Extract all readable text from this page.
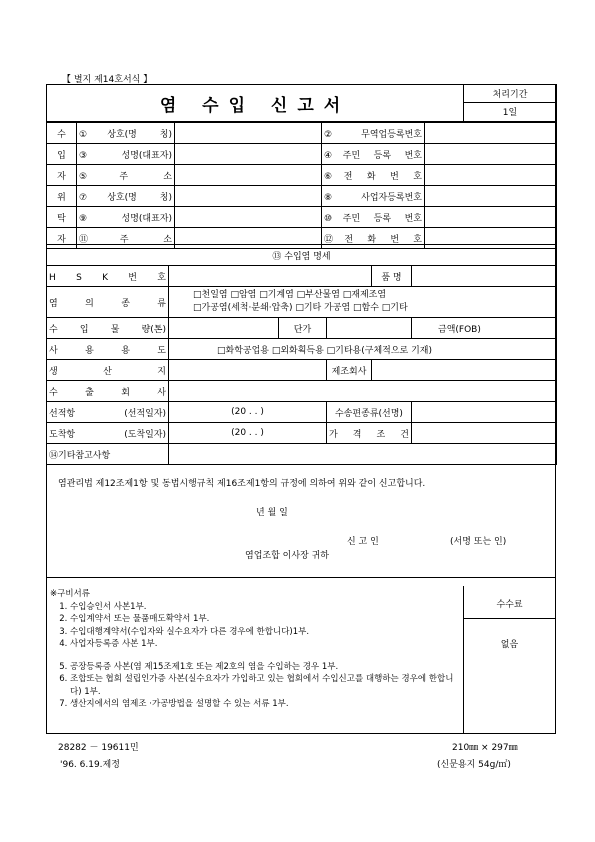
【 별지 제14호서식 】
염 수입 신고서	처리기간
1일
수	①상호(명 칭)		②무역업등록번호	
입	③성명(대표자)		④주민 등록 번호	
자	⑤주 소		⑥전 화 번 호	
위	⑦상호(명 칭)		⑧사업자등록번호	
탁	⑨성명(대표자)		⑩주민 등록 번호	
자	⑪주 소		⑫전 화 번 호	
⑬ 수입염 명세					
H S K 번 호				품 명	
염 의 종 류	□천일염 □암염 □기계염 □부산물염 □재제조염
□가공염(세척·분쇄·압축) □기타 가공염 □함수 □기타				

수 입 물 량(톤)		단가			금액(FOB)
사 용 용 도	□화학공업용 □외화획득용 □기타용(구체적으로 기재)				
생 산 지			제조회사		
수 출 회 사					
선적항 (선적일자)	(20 . . )		수송편종류(선명)		
도착항 (도착일자)	(20 . . )		가 격 조 건		
⑭기타참고사항					
염관리법 제12조제1항 및 동법시행규칙 제16조제1항의 규정에 의하여 위와 같이 신고합니다.
년 월 일
신 고 인	(서명 또는 인)
염업조합 이사장 귀하
수수료
없음
※구비서류
1. 수입승인서 사본1부.
2. 수입계약서 또는 물품매도확약서 1부.
3. 수입대행계약서(수입자와 실수요자가 다른 경우에 한합니다)1부.
4. 사업자등록증 사본 1부.
5. 공장등록증 사본(염 제15조제1호 또는 제2호의 염을 수입하는 경우 1부.
6. 조합또는 협회 설립인가증 사본(실수요자가 가입하고 있는 협회에서 수입신고를 대행하는 경우에 한합니다) 1부.
7. 생산지에서의 염제조 ·가공방법을 설명할 수 있는 서류 1부.
28282 － 19611민
'96. 6.19.제정
210㎜ × 297㎜
(신문용지 54g/㎡)
